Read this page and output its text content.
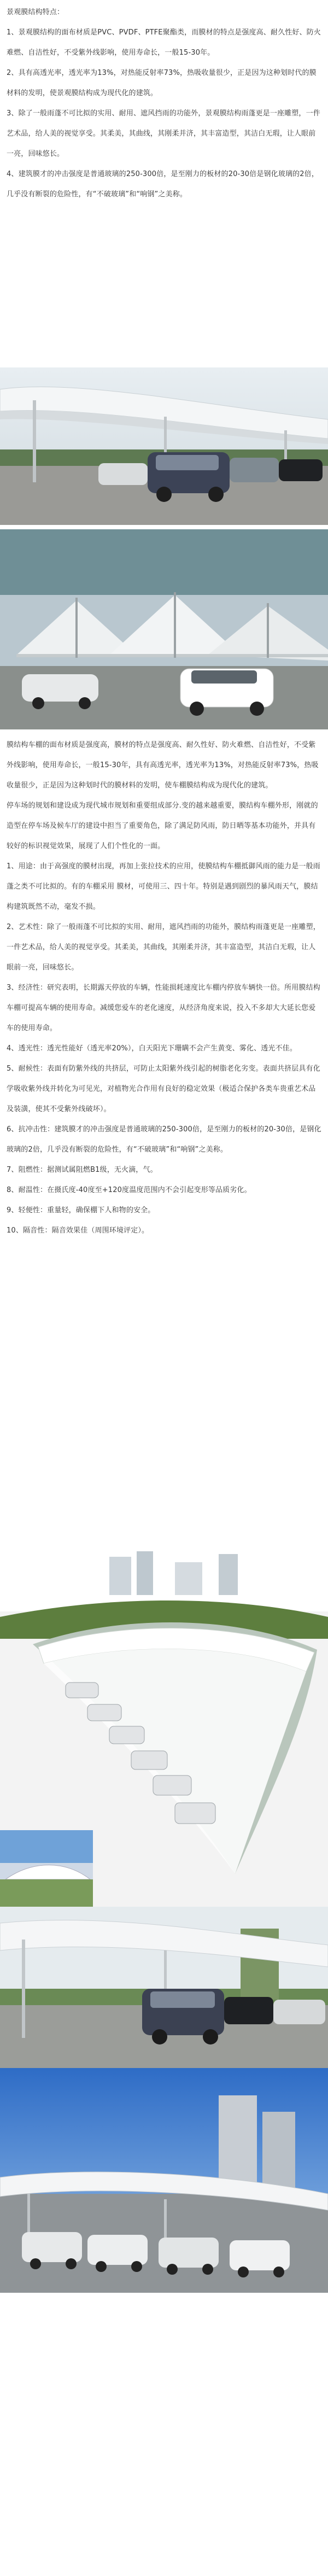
景观膜结构特点：

1、景观膜结构的面布材质是PVC、PVDF、PTFE聚酯类，而膜材的特点是强度高、耐久性好、防火难燃、自洁性好，不受紫外线影响，使用寿命长，一般15-30年。

2、具有高透光率，透光率为13%，对热能反射率73%，热吸收量很少，正是因为这种划时代的膜材料的发明，使景观膜结构成为现代化的建筑。

3、除了一般雨蓬不可比拟的实用、耐用、遮风挡雨的功能外，景观膜结构雨蓬更是一座雕塑，一件艺术品，给人美的视觉享受。其柔美，其曲线，其刚柔并济，其丰富造型，其洁白无瑕，让人眼前一亮，回味悠长。

4、建筑膜才的冲击强度是普通玻璃的250-300倍，是至刚力的板材的20-30倍是钢化玻璃的2倍，几乎没有断裂的危险性，有“不破玻璃”和“响钢”之美称。

膜结构车棚的面布材质是强度高，膜材的特点是强度高、耐久性好、防火难燃、自洁性好，不受紫外线影响，使用寿命长，一般15-30年，具有高透光率，透光率为13%，对热能反射率73%，热吸收量很少，正是因为这种划时代的膜材料的发明，使车棚膜结构成为现代化的建筑。

停车场的规划和建设成为现代城市规划和重要组成部分.变的越来越重要，膜结构车棚外形，刚就的造型在停车场及候车厅的建设中担当了重要角色，除了满足防风雨，防日晒等基本功能外，并具有较好的标识视觉效果，展现了人们个性化的一面。

1、用途：由于高强度的膜材出现，再加上张拉技术的应用，使膜结构车棚抵御风雨的能力是一般雨蓬之类不可比拟的。有的车棚采用 膜材，可使用三、四十年。特别是遇到剧烈的暴风雨天气，膜结构建筑既然不动，毫发不损。

2、艺术性：除了一般雨蓬不可比拟的实用、耐用，遮风挡雨的功能外，膜结构雨蓬更是一座雕塑，一件艺术品，给人美的视觉享受。其柔美，其曲线，其刚柔并济，其丰富造型，其洁白无瑕，让人眼前一亮，回味悠长。

3、经济性：研究表明，长期露天停放的车辆，性能损耗速度比车棚内停放车辆快一倍。所用膜结构车棚可提高车辆的使用寿命。减缓您爱车的老化速度，从经济角度来说，投入不多却大大延长您爱车的使用寿命。

4、透光性：透光性能好（透光率20%），白天阳光下珊瞒不会产生黄变、雾化、透光不佳。

5、耐候性：表面有防紫外线的共挤层，可防止太阳紫外线引起的树脂老化劣变。表面共挤层具有化学吸收紫外线并转化为可见光，对植物光合作用有良好的稳定效果（极适合保护各类车贵重艺术品及装潢，使其不受紫外线破坏）。

6、抗冲击性：建筑膜才的冲击强度是普通玻璃的250-300倍，是至刚力的板材的20-30倍，是钢化玻璃的2倍，几乎没有断裂的危险性，有“不破玻璃”和“响钢”之美称。

7、阻燃性：据测试属阻燃B1级，无火滴，气。

8、耐温性：在摄氏度-40度至+120度温度范围内不会引起变形等品质劣化。

9、轻便性：重量轻，确保棚下人和物的安全。

10、隔音性：隔音效果佳（周围环境评定）。
